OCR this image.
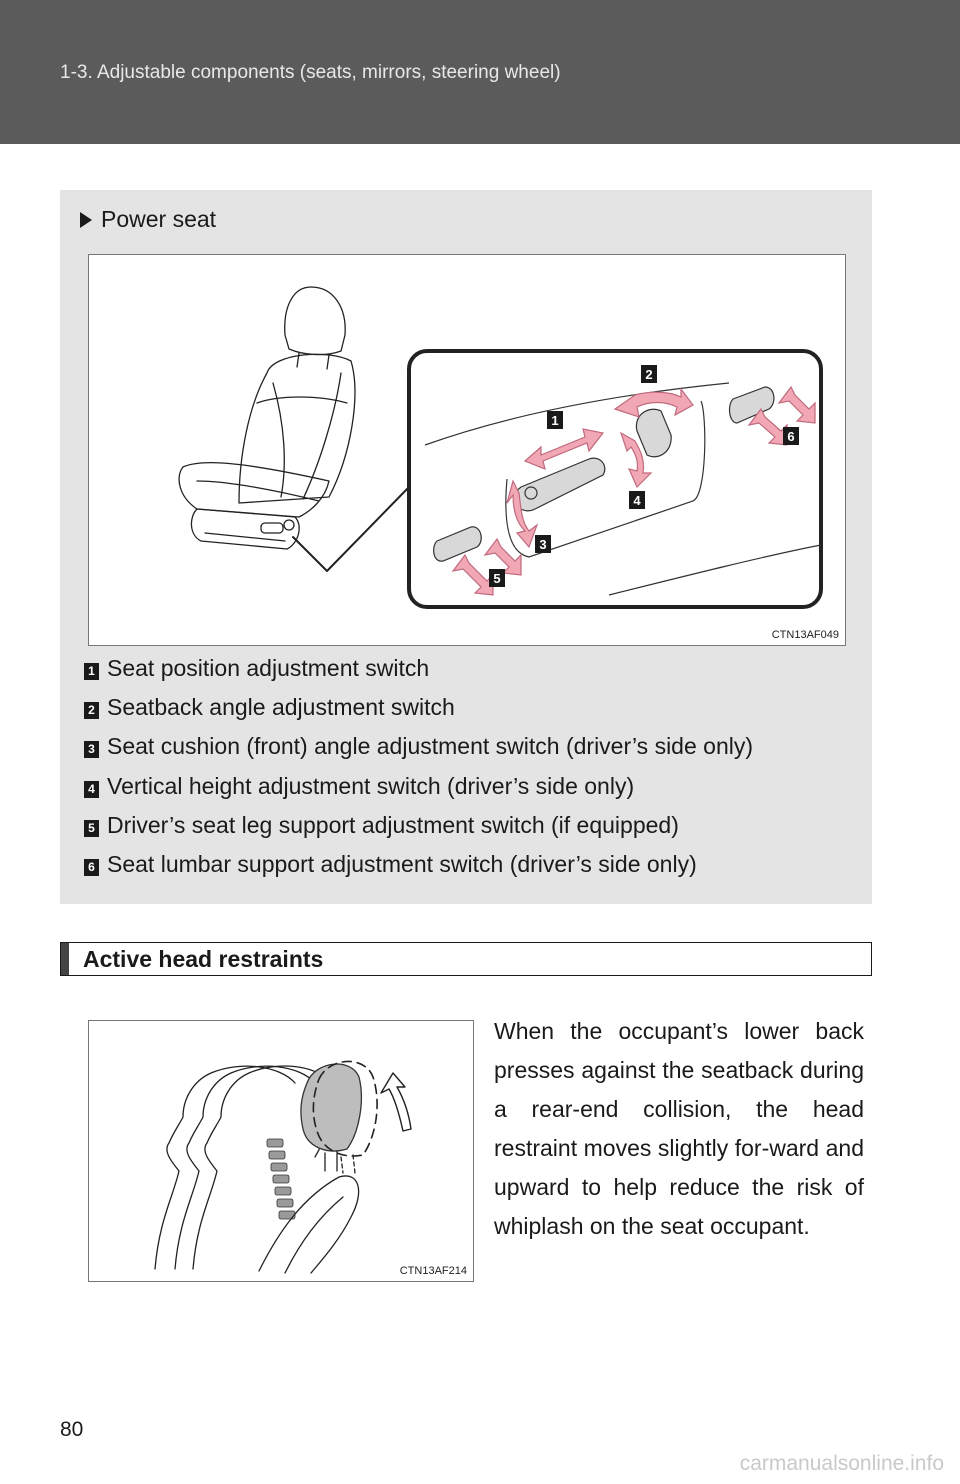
1-3. Adjustable components (seats, mirrors, steering wheel)
Power seat
1
2
3
4
5
6
CTN13AF049
1 Seat position adjustment switch
2 Seatback angle adjustment switch
3 Seat cushion (front) angle adjustment switch (driver’s side only)
4 Vertical height adjustment switch (driver’s side only)
5 Driver’s seat leg support adjustment switch (if equipped)
6 Seat lumbar support adjustment switch (driver’s side only)
Active head restraints
CTN13AF214
When the occupant’s lower back presses against the seatback during a rear-end collision, the head restraint moves slightly for-ward and upward to help reduce the risk of whiplash on the seat occupant.
80
carmanualsonline.info
